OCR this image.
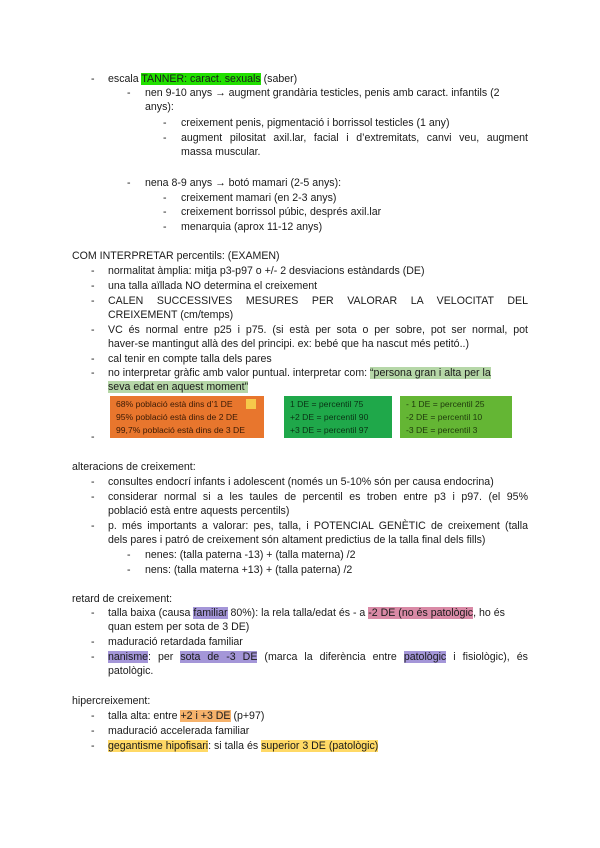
- escala TANNER: caract. sexuals (saber)
- nen 9-10 anys → augment grandària testicles, penis amb caract. infantils (2
anys):
- creixement penis, pigmentació i borrissol testicles (1 any)
- augment pilositat axil.lar, facial i d’extremitats, canvi veu, augment
massa muscular.
- nena 8-9 anys → botó mamari (2-5 anys):
- creixement mamari (en 2-3 anys)
- creixement borrissol púbic, després axil.lar
- menarquia (aprox 11-12 anys)
COM INTERPRETAR percentils: (EXAMEN)
- normalitat àmplia: mitja p3-p97 o +/- 2 desviacions estàndards (DE)
- una talla aïllada NO determina el creixement
- CALEN SUCCESSIVES MESURES PER VALORAR LA VELOCITAT DEL
CREIXEMENT (cm/temps)
- VC és normal entre p25 i p75. (si està per sota o per sobre, pot ser normal, pot
haver-se mantingut allà des del principi. ex: bebé que ha nascut més petitó..)
- cal tenir en compte talla dels pares
- no interpretar gràfic amb valor puntual. interpretar com: “persona gran i alta per la
seva edat en aquest moment”
68% població està dins d’1 DE
95% població està dins de 2 DE
99,7% població està dins de 3 DE
1 DE = percentil 75
+2 DE = percentil 90
+3 DE = percentil 97
- 1 DE = percentil 25
-2 DE = percentil 10
-3 DE = percentil 3
-
alteracions de creixement:
- consultes endocrí infants i adolescent (només un 5-10% són per causa endocrina)
- considerar normal si a les taules de percentil es troben entre p3 i p97. (el 95%
població està entre aquests percentils)
- p. més importants a valorar: pes, talla, i POTENCIAL GENÈTIC de creixement (talla
dels pares i patró de creixement són altament predictius de la talla final dels fills)
- nenes: (talla paterna -13) + (talla materna) /2
- nens: (talla materna +13) + (talla paterna) /2
retard de creixement:
- talla baixa (causa familiar 80%): la rela talla/edat és - a -2 DE (no és patològic, ho és
quan estem per sota de 3 DE)
- maduració retardada familiar
- nanisme: per sota de -3 DE (marca la diferència entre patològic i fisiològic), és
patològic.
hipercreixement:
- talla alta: entre +2 i +3 DE (p+97)
- maduració accelerada familiar
- gegantisme hipofisari: si talla és superior 3 DE (patològic)
